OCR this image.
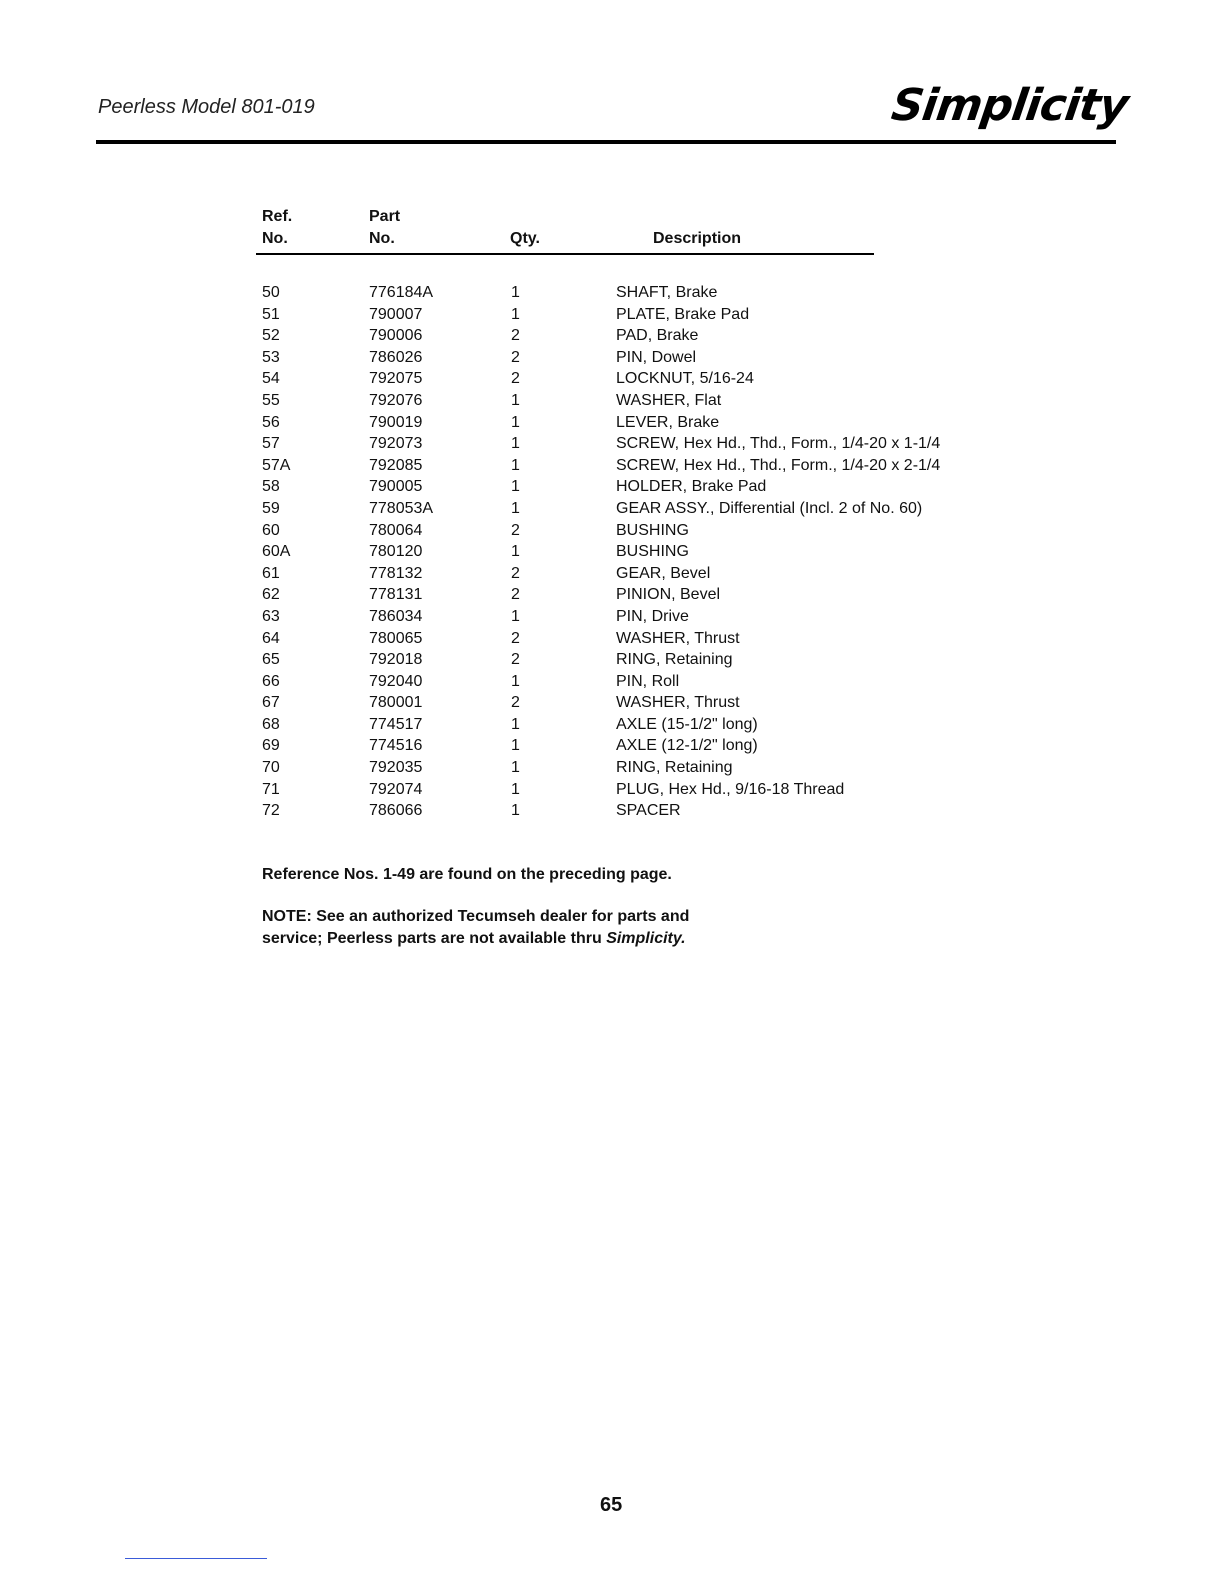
Peerless Model 801-019	Simplicity
Ref.
No.
Part
No.	Qty.	Description
50	776184A	1	SHAFT, Brake
51	790007	1	PLATE, Brake Pad
52	790006	2	PAD, Brake
53	786026	2	PIN, Dowel
54	792075	2	LOCKNUT, 5/16-24
55	792076	1	WASHER, Flat
56	790019	1	LEVER, Brake
57	792073	1	SCREW, Hex Hd., Thd., Form., 1/4-20 x 1-1/4
57A	792085	1	SCREW, Hex Hd., Thd., Form., 1/4-20 x 2-1/4
58	790005	1	HOLDER, Brake Pad
59	778053A	1	GEAR ASSY., Differential (Incl. 2 of No. 60)
60	780064	2	BUSHING
60A	780120	1	BUSHING
61	778132	2	GEAR, Bevel
62	778131	2	PINION, Bevel
63	786034	1	PIN, Drive
64	780065	2	WASHER, Thrust
65	792018	2	RING, Retaining
66	792040	1	PIN, Roll
67	780001	2	WASHER, Thrust
68	774517	1	AXLE (15-1/2" long)
69	774516	1	AXLE (12-1/2" long)
70	792035	1	RING, Retaining
71	792074	1	PLUG, Hex Hd., 9/16-18 Thread
72	786066	1	SPACER

Reference Nos. 1-49 are found on the preceding page.

NOTE: See an authorized Tecumseh dealer for parts and
service; Peerless parts are not available thru Simplicity.

65
